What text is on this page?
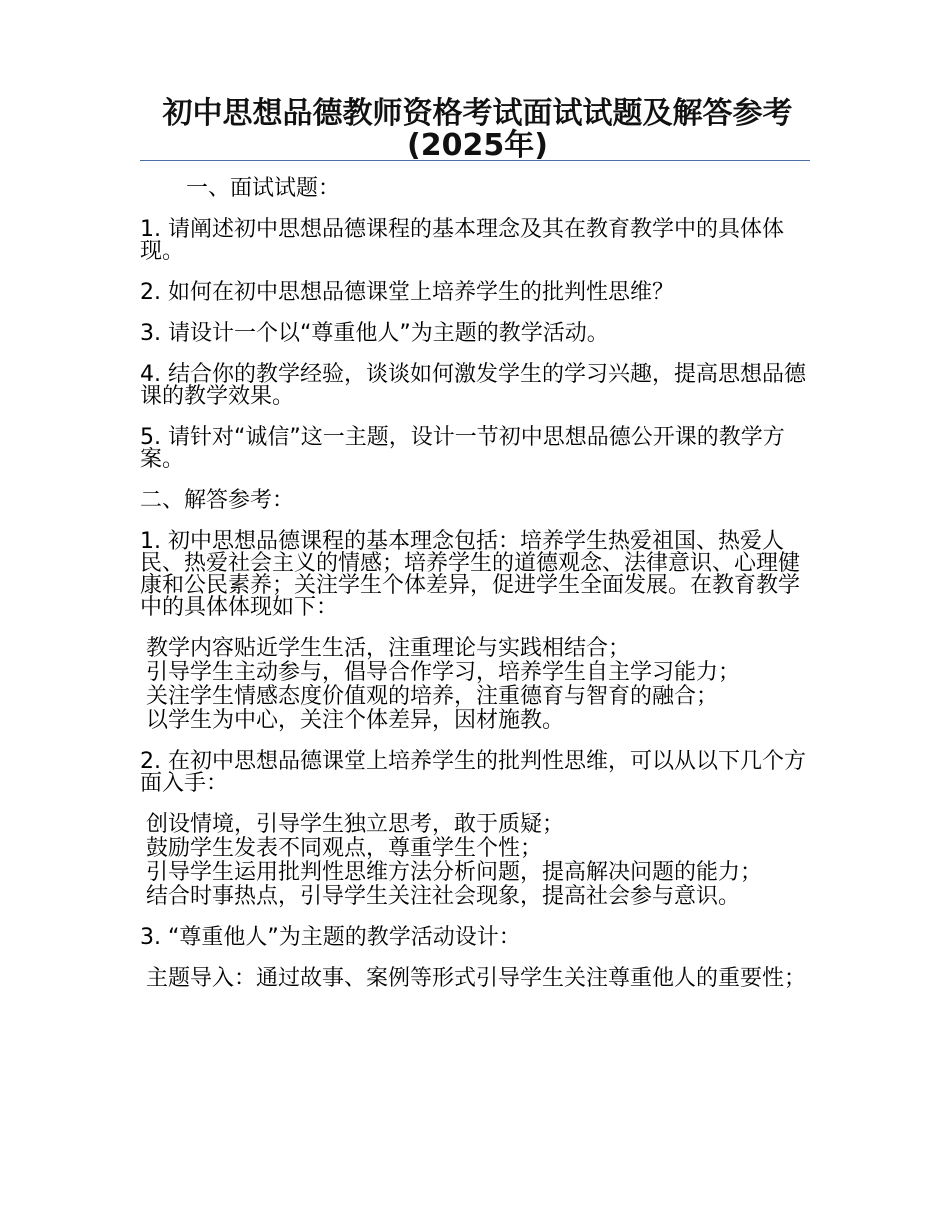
初中思想品德教师资格考试面试试题及解答参考(2025年)

一、面试试题：

1. 请阐述初中思想品德课程的基本理念及其在教育教学中的具体体现。

2. 如何在初中思想品德课堂上培养学生的批判性思维？

3. 请设计一个以“尊重他人”为主题的教学活动。

4. 结合你的教学经验，谈谈如何激发学生的学习兴趣，提高思想品德课的教学效果。

5. 请针对“诚信”这一主题，设计一节初中思想品德公开课的教学方案。

二、解答参考：

1. 初中思想品德课程的基本理念包括：培养学生热爱祖国、热爱人民、热爱社会主义的情感；培养学生的道德观念、法律意识、心理健康和公民素养；关注学生个体差异，促进学生全面发展。在教育教学中的具体体现如下：

教学内容贴近学生生活，注重理论与实践相结合；
引导学生主动参与，倡导合作学习，培养学生自主学习能力；
关注学生情感态度价值观的培养，注重德育与智育的融合；
以学生为中心，关注个体差异，因材施教。

2. 在初中思想品德课堂上培养学生的批判性思维，可以从以下几个方面入手：

创设情境，引导学生独立思考，敢于质疑；
鼓励学生发表不同观点，尊重学生个性；
引导学生运用批判性思维方法分析问题，提高解决问题的能力；
结合时事热点，引导学生关注社会现象，提高社会参与意识。

3. “尊重他人”为主题的教学活动设计：

主题导入：通过故事、案例等形式引导学生关注尊重他人的重要性；
